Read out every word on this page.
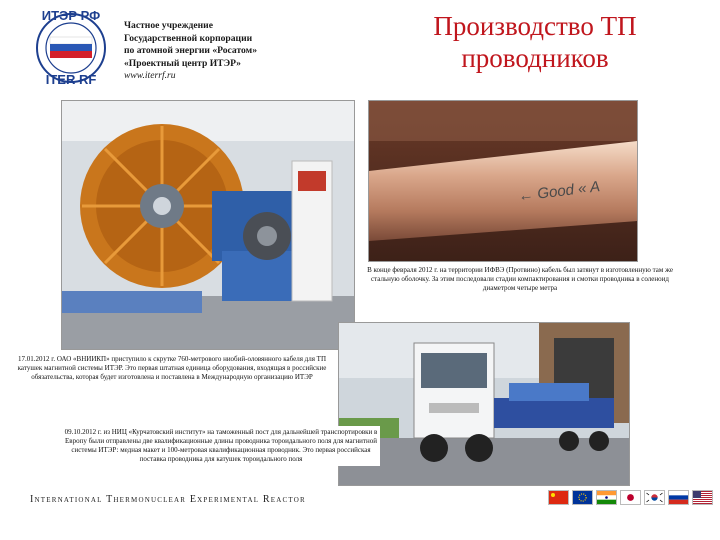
ИТЭР РФ
ITER RF
Частное учреждение
Государственной корпорации
по атомной энергии «Росатом»
«Проектный центр ИТЭР»
www.iterrf.ru
Производство ТП
проводников
← Good « A
В конце февраля 2012 г. на территории ИФВЭ (Протвино) кабель был затянут в изготовленную там же стальную оболочку. За этим последовали стадии компактирования и смотки проводника в соленоид диаметром четыре метра
17.01.2012 г. ОАО «ВНИИКП» приступило к скрутке 760-метрового ниобий-оловянного кабеля для ТП катушек магнитной системы ИТЭР. Это первая штатная единица оборудования, входящая в российские обязательства, которая будет изготовлена и поставлена в Международную организацию ИТЭР
09.10.2012 г. из НИЦ «Курчатовский институт» на таможенный пост для дальнейшей транспортировки в Европу были отправлены две квалификационные длины проводника тороидального поля для магнитной системы ИТЭР: медная макет и 100-метровая квалификационная проводник. Это первая российская поставка проводника для катушек тороидального поля
International Thermonuclear Experimental Reactor
